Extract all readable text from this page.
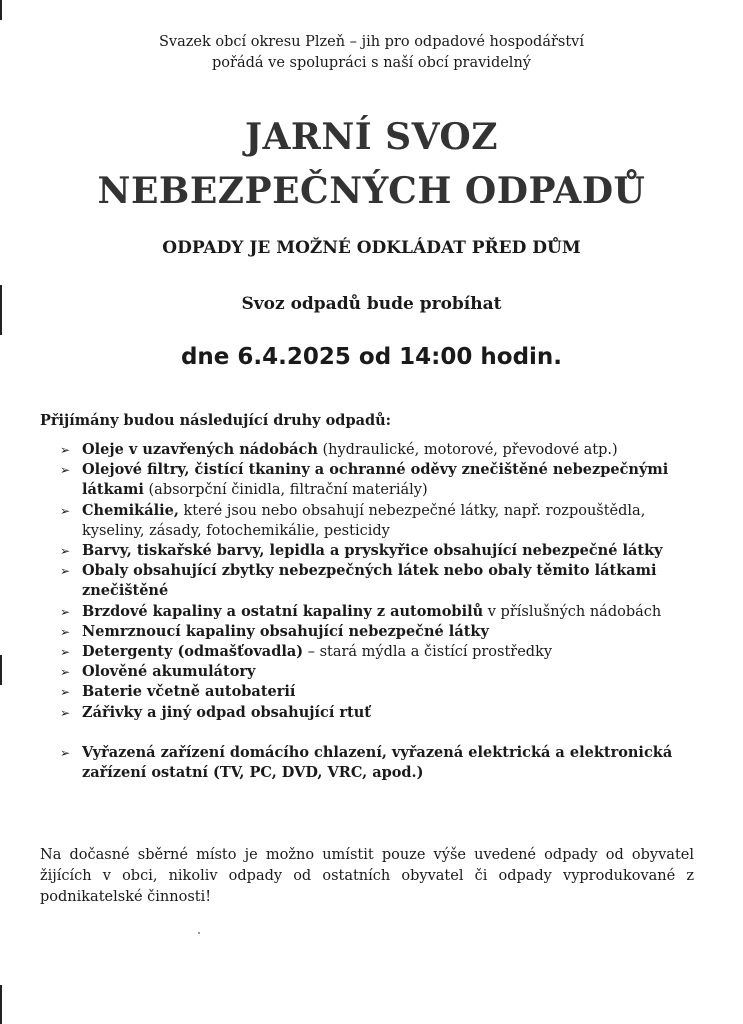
Svazek obcí okresu Plzeň – jih pro odpadové hospodářství
pořádá ve spolupráci s naší obcí pravidelný
JARNÍ SVOZ
NEBEZPEČNÝCH ODPADŮ
ODPADY JE MOŽNÉ ODKLÁDAT PŘED DŮM
Svoz odpadů bude probíhat
dne 6.4.2025 od 14:00 hodin.
Přijímány budou následující druhy odpadů:
➢ Oleje v uzavřených nádobách (hydraulické, motorové, převodové atp.)
➢ Olejové filtry, čistící tkaniny a ochranné oděvy znečištěné nebezpečnými látkami (absorpční činidla, filtrační materiály)
➢ Chemikálie, které jsou nebo obsahují nebezpečné látky, např. rozpouštědla, kyseliny, zásady, fotochemikálie, pesticidy
➢ Barvy, tiskařské barvy, lepidla a pryskyřice obsahující nebezpečné látky
➢ Obaly obsahující zbytky nebezpečných látek nebo obaly těmito látkami znečištěné
➢ Brzdové kapaliny a ostatní kapaliny z automobilů v příslušných nádobách
➢ Nemrznoucí kapaliny obsahující nebezpečné látky
➢ Detergenty (odmašťovadla) – stará mýdla a čistící prostředky
➢ Olověné akumulátory
➢ Baterie včetně autobaterií
➢ Zářivky a jiný odpad obsahující rtuť
➢ Vyřazená zařízení domácího chlazení, vyřazená elektrická a elektronická zařízení ostatní (TV, PC, DVD, VRC, apod.)
Na dočasné sběrné místo je možno umístit pouze výše uvedené odpady od obyvatel žijících v obci, nikoliv odpady od ostatních obyvatel či odpady vyprodukované z podnikatelské činnosti!
